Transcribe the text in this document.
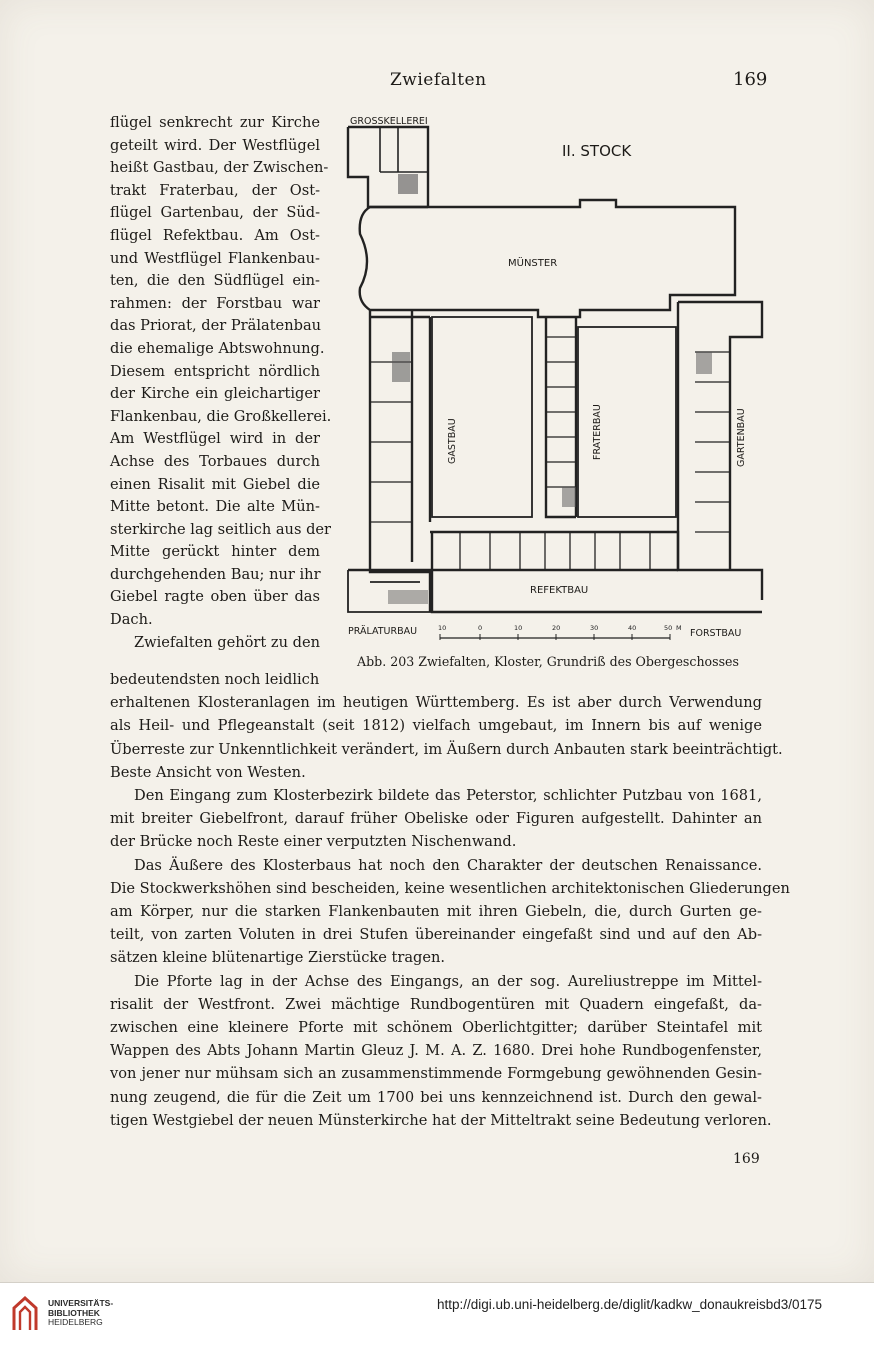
Zwiefalten	169

flügel senkrecht zur Kirche
geteilt wird. Der Westflügel
heißt Gastbau, der Zwischen-
trakt Fraterbau, der Ost-
flügel Gartenbau, der Süd-
flügel Refektbau. Am Ost-
und Westflügel Flankenbau-
ten, die den Südflügel ein-
rahmen: der Forstbau war
das Priorat, der Prälatenbau
die ehemalige Abtswohnung.
Diesem entspricht nördlich
der Kirche ein gleichartiger
Flankenbau, die Großkellerei.
Am Westflügel wird in der
Achse des Torbaues durch
einen Risalit mit Giebel die
Mitte betont. Die alte Mün-
sterkirche lag seitlich aus der
Mitte gerückt hinter dem
durchgehenden Bau; nur ihr
Giebel ragte oben über das
Dach.
Zwiefalten gehört zu den

GROSSKELLEREI
II. STOCK
MÜNSTER
GASTBAU	FRATERBAU	GARTENBAU
REFEKTBAU
PRÄLATURBAU	FORSTBAU
10	0	10	20	30	40	50 M
Abb. 203 Zwiefalten, Kloster, Grundriß des Obergeschosses
bedeutendsten noch leidlich
erhaltenen Klosteranlagen im heutigen Württemberg. Es ist aber durch Verwendung
als Heil- und Pflegeanstalt (seit 1812) vielfach umgebaut, im Innern bis auf wenige
Überreste zur Unkenntlichkeit verändert, im Äußern durch Anbauten stark beeinträchtigt.
Beste Ansicht von Westen.
Den Eingang zum Klosterbezirk bildete das Peterstor, schlichter Putzbau von 1681,
mit breiter Giebelfront, darauf früher Obeliske oder Figuren aufgestellt. Dahinter an
der Brücke noch Reste einer verputzten Nischenwand.
Das Äußere des Klosterbaus hat noch den Charakter der deutschen Renaissance.
Die Stockwerkshöhen sind bescheiden, keine wesentlichen architektonischen Gliederungen
am Körper, nur die starken Flankenbauten mit ihren Giebeln, die, durch Gurten ge-
teilt, von zarten Voluten in drei Stufen übereinander eingefaßt sind und auf den Ab-
sätzen kleine blütenartige Zierstücke tragen.
Die Pforte lag in der Achse des Eingangs, an der sog. Aureliustreppe im Mittel-
risalit der Westfront. Zwei mächtige Rundbogentüren mit Quadern eingefaßt, da-
zwischen eine kleinere Pforte mit schönem Oberlichtgitter; darüber Steintafel mit
Wappen des Abts Johann Martin Gleuz J. M. A. Z. 1680. Drei hohe Rundbogenfenster,
von jener nur mühsam sich an zusammenstimmende Formgebung gewöhnenden Gesin-
nung zeugend, die für die Zeit um 1700 bei uns kennzeichnend ist. Durch den gewal-
tigen Westgiebel der neuen Münsterkirche hat der Mitteltrakt seine Bedeutung verloren.
169
UNIVERSITÄTS-
BIBLIOTHEK
HEIDELBERG
http://digi.ub.uni-heidelberg.de/diglit/kadkw_donaukreisbd3/0175
